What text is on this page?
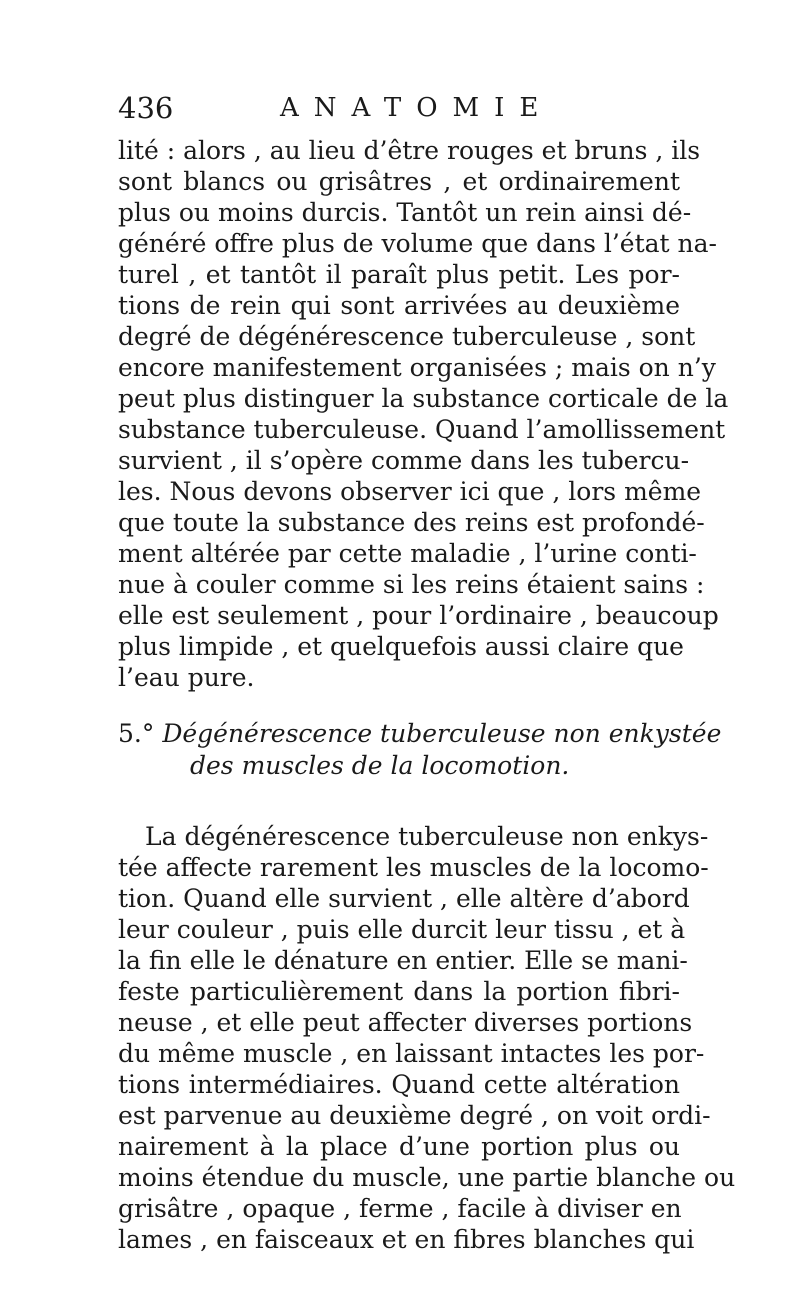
436	ANATOMIE
lité : alors , au lieu d’être rouges et bruns , ils
sont blancs ou grisâtres , et ordinairement
plus ou moins durcis. Tantôt un rein ainsi dé-
généré offre plus de volume que dans l’état na-
turel , et tantôt il paraît plus petit. Les por-
tions de rein qui sont arrivées au deuxième
degré de dégénérescence tuberculeuse , sont
encore manifestement organisées ; mais on n’y
peut plus distinguer la substance corticale de la
substance tuberculeuse. Quand l’amollissement
survient , il s’opère comme dans les tubercu-
les. Nous devons observer ici que , lors même
que toute la substance des reins est profondé-
ment altérée par cette maladie , l’urine conti-
nue à couler comme si les reins étaient sains :
elle est seulement , pour l’ordinaire , beaucoup
plus limpide , et quelquefois aussi claire que
l’eau pure.
5.° Dégénérescence tuberculeuse non enkystée
des muscles de la locomotion.
La dégénérescence tuberculeuse non enkys-
tée affecte rarement les muscles de la locomo-
tion. Quand elle survient , elle altère d’abord
leur couleur , puis elle durcit leur tissu , et à
la fin elle le dénature en entier. Elle se mani-
feste particulièrement dans la portion fibri-
neuse , et elle peut affecter diverses portions
du même muscle , en laissant intactes les por-
tions intermédiaires. Quand cette altération
est parvenue au deuxième degré , on voit ordi-
nairement à la place d’une portion plus ou
moins étendue du muscle, une partie blanche ou
grisâtre , opaque , ferme , facile à diviser en
lames , en faisceaux et en fibres blanches qui
